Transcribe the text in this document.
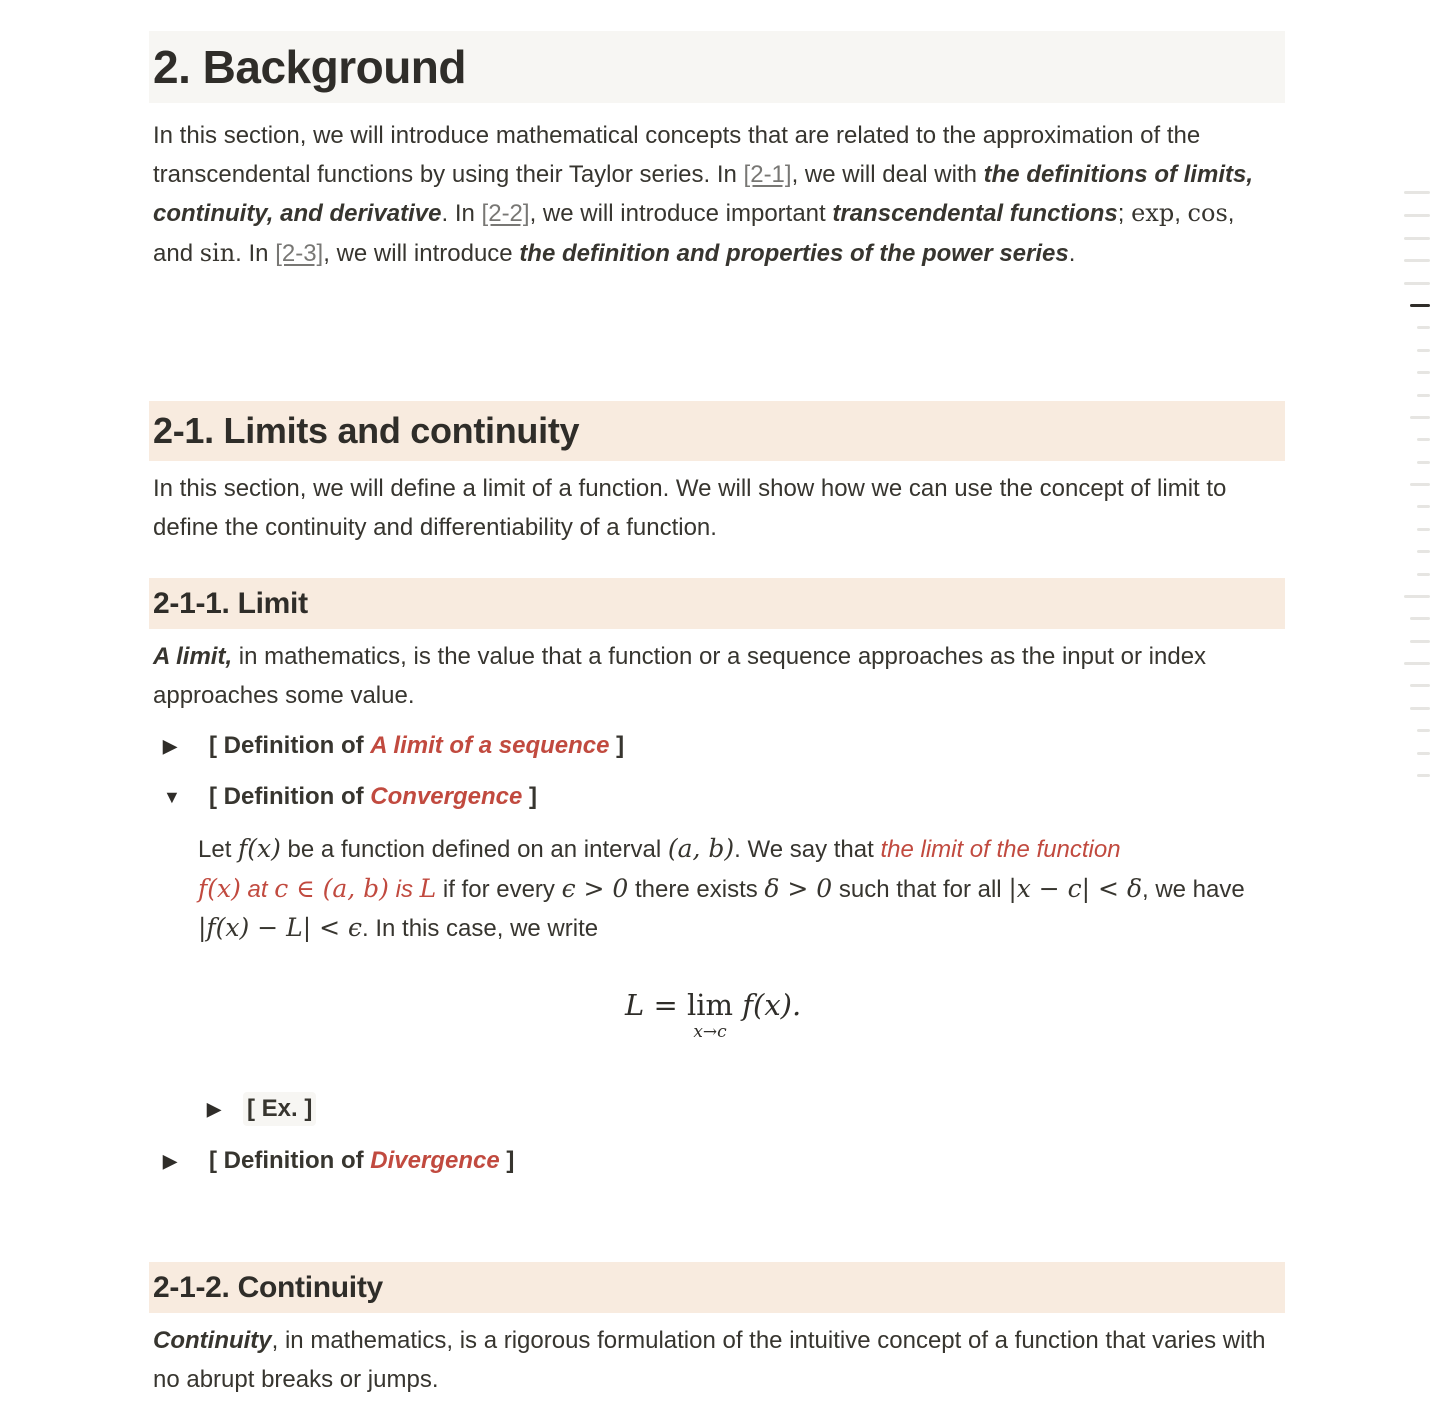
2. Background
In this section, we will introduce mathematical concepts that are related to the approximation of the transcendental functions by using their Taylor series. In [2-1], we will deal with the definitions of limits, continuity, and derivative. In [2-2], we will introduce important transcendental functions; exp, cos, and sin. In [2-3], we will introduce the definition and properties of the power series.
2-1. Limits and continuity
In this section, we will define a limit of a function. We will show how we can use the concept of limit to define the continuity and differentiability of a function.
2-1-1. Limit
A limit, in mathematics, is the value that a function or a sequence approaches as the input or index approaches some value.
▶	[ Definition of A limit of a sequence ]
▼ [ Definition of Convergence ]
Let f(x) be a function defined on an interval (a, b). We say that the limit of the function
f(x) at c ∈ (a, b) is L if for every ϵ > 0 there exists δ > 0 such that for all |x − c| < δ, we have |f(x) − L| < ϵ. In this case, we write
L = lim
x→c
f(x).
▶	[ Ex. ]
▶	[ Definition of Divergence ]
2-1-2. Continuity
Continuity, in mathematics, is a rigorous formulation of the intuitive concept of a function that varies with no abrupt breaks or jumps.
